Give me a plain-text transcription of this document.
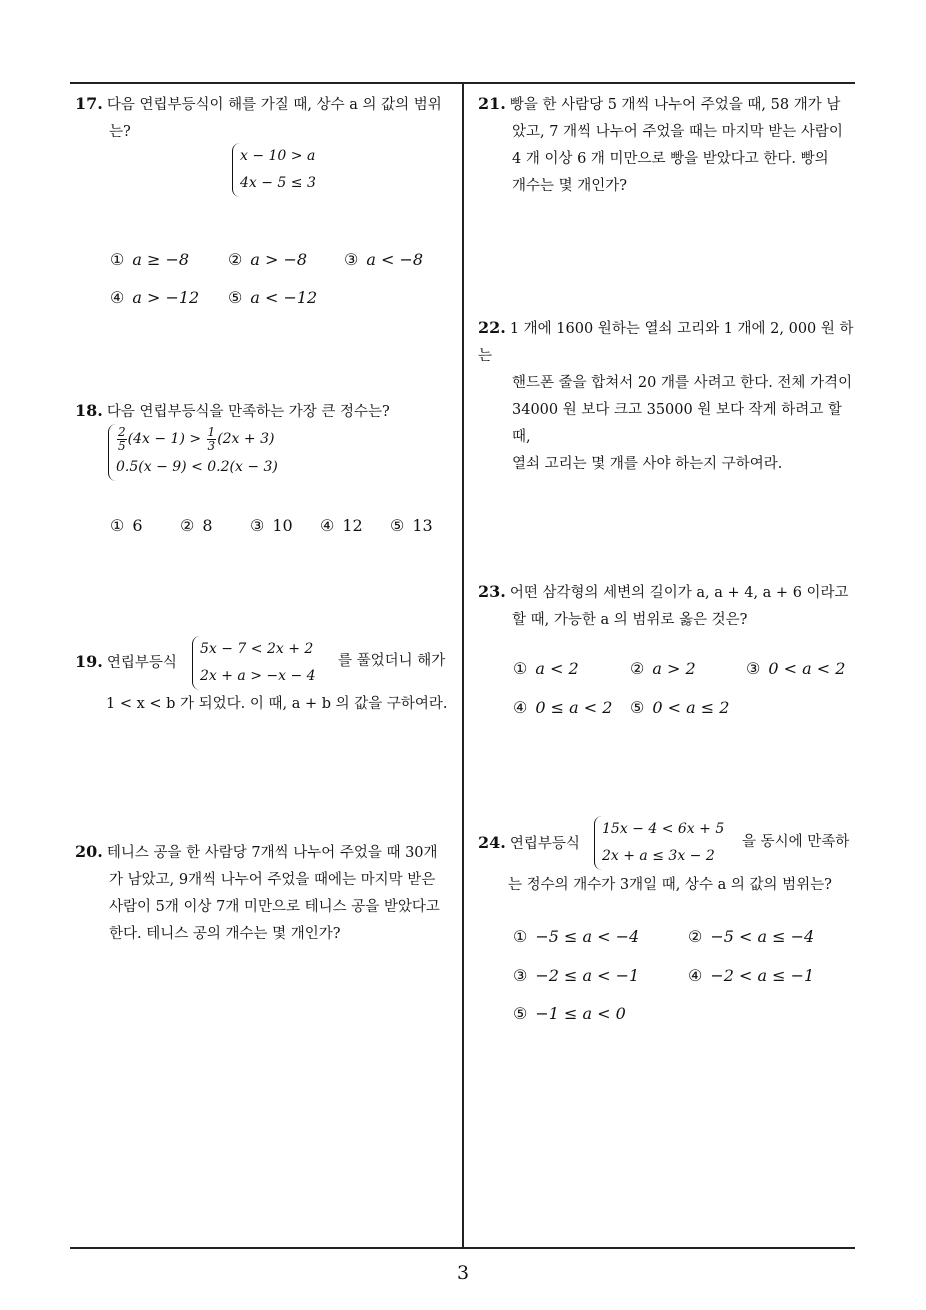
17. 다음 연립부등식이 해를 가질 때, 상수 a 의 값의 범위
는?
x − 10 > a
4x − 5 ≤ 3
① a ≥ −8 ② a > −8 ③ a < −8
④ a > −12 ⑤ a < −12
18. 다음 연립부등식을 만족하는 가장 큰 정수는?
$\frac{2}{5} (4x - 1) > \frac{1}{3} (2x + 3)$
0.5(x − 9) < 0.2(x − 3)
① 6 ② 8 ③ 10 ④ 12 ⑤ 13
19. 연립부등식
5x − 7 < 2x + 2
2x + a > −x − 4
를 풀었더니 해가
1 < x < b 가 되었다. 이 때, a + b 의 값을 구하여라.
20. 테니스 공을 한 사람당 7개씩 나누어 주었을 때 30개
가 남았고, 9개씩 나누어 주었을 때에는 마지막 받은
사람이 5개 이상 7개 미만으로 테니스 공을 받았다고
한다. 테니스 공의 개수는 몇 개인가?
21. 빵을 한 사람당 5 개씩 나누어 주었을 때, 58 개가 남
았고, 7 개씩 나누어 주었을 때는 마지막 받는 사람이
4 개 이상 6 개 미만으로 빵을 받았다고 한다. 빵의
개수는 몇 개인가?
22. 1 개에 1600 원하는 열쇠 고리와 1 개에 2, 000 원 하는
핸드폰 줄을 합쳐서 20 개를 사려고 한다. 전체 가격이
34000 원 보다 크고 35000 원 보다 작게 하려고 할 때,
열쇠 고리는 몇 개를 사야 하는지 구하여라.
23. 어떤 삼각형의 세변의 길이가 a, a + 4, a + 6 이라고
할 때, 가능한 a 의 범위로 옳은 것은?
① a < 2	② a > 2	③ 0 < a < 2
④ 0 ≤ a < 2 ⑤ 0 < a ≤ 2
24. 연립부등식
15x − 4 < 6x + 5
2x + a ≤ 3x − 2
을 동시에 만족하
는 정수의 개수가 3개일 때, 상수 a 의 값의 범위는?
① −5 ≤ a < −4	② −5 < a ≤ −4
③ −2 ≤ a < −1	④ −2 < a ≤ −1
⑤ −1 ≤ a < 0
3
